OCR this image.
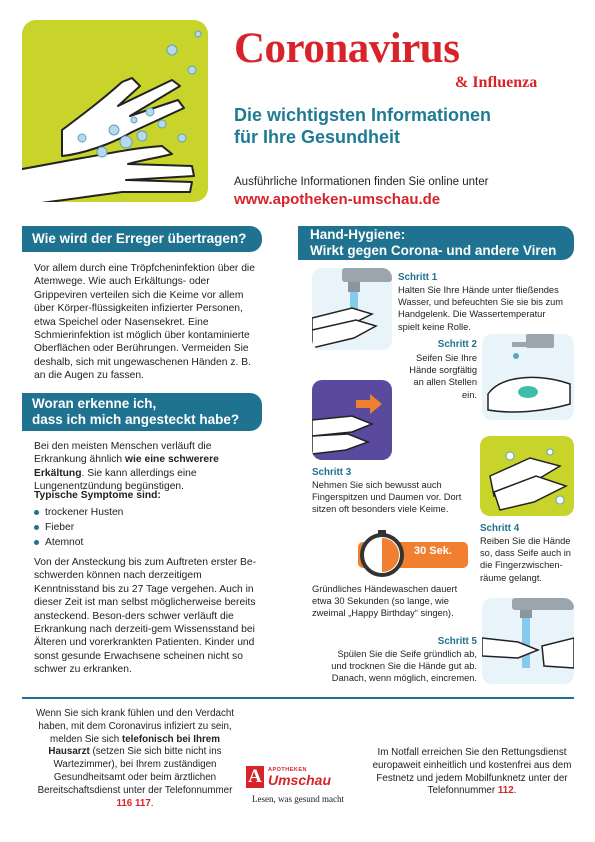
Coronavirus
& Influenza
Die wichtigsten Informationen
für Ihre Gesundheit
Ausführliche Informationen finden Sie online unter
www.apotheken-umschau.de
Wie wird der Erreger übertragen?
Vor allem durch eine Tröpfcheninfektion über die Atemwege. Wie auch Erkältungs- oder Grippeviren verteilen sich die Keime vor allem über Körper-flüssigkeiten infizierter Personen, etwa Speichel oder Nasensekret. Eine Schmierinfektion ist möglich über kontaminierte Oberflächen oder Berührungen. Vermeiden Sie deshalb, sich mit ungewaschenen Händen z. B. an die Augen zu fassen.
Woran erkenne ich,
dass ich mich angesteckt habe?
Bei den meisten Menschen verläuft die Erkrankung ähnlich wie eine schwerere Erkältung. Sie kann allerdings eine Lungenentzündung begünstigen.
Typische Symptome sind:
trockener Husten
Fieber
Atemnot
Von der Ansteckung bis zum Auftreten erster Be-schwerden können nach derzeitigem Kenntnisstand bis zu 27 Tage vergehen. Auch in dieser Zeit ist man selbst möglicherweise bereits ansteckend. Beson-ders schwer verläuft die Erkrankung nach derzeiti-gem Wissensstand bei Älteren und vorerkrankten Patienten. Kinder und sonst gesunde Erwachsene scheinen nicht so schwer zu erkranken.
Hand-Hygiene:
Wirkt gegen Corona- und andere Viren
Schritt 1
Halten Sie Ihre Hände unter fließendes Wasser, und befeuchten Sie sie bis zum Handgelenk. Die Wassertemperatur spielt keine Rolle.
Schritt 2
Seifen Sie Ihre Hände sorgfältig an allen Stellen ein.
Schritt 3
Nehmen Sie sich bewusst auch Fingerspitzen und Daumen vor. Dort sitzen oft besonders viele Keime.
Schritt 4
Reiben Sie die Hände so, dass Seife auch in die Fingerzwischen-räume gelangt.
30 Sek.
Gründliches Händewaschen dauert etwa 30 Sekunden (so lange, wie zweimal „Happy Birthday“ singen).
Schritt 5
Spülen Sie die Seife gründlich ab, und trocknen Sie die Hände gut ab. Danach, wenn möglich, eincremen.
Wenn Sie sich krank fühlen und den Verdacht haben, mit dem Coronavirus infiziert zu sein, melden Sie sich telefonisch bei Ihrem Hausarzt (setzen Sie sich bitte nicht ins Wartezimmer), bei Ihrem zuständigen Gesundheitsamt oder beim ärztlichen Bereitschaftsdienst unter der Telefonnummer 116 117.
A	APOTHEKEN
Umschau
Lesen, was gesund macht
Im Notfall erreichen Sie den Rettungsdienst europaweit einheitlich und kostenfrei aus dem Festnetz und jedem Mobilfunknetz unter der Telefonnummer 112.
